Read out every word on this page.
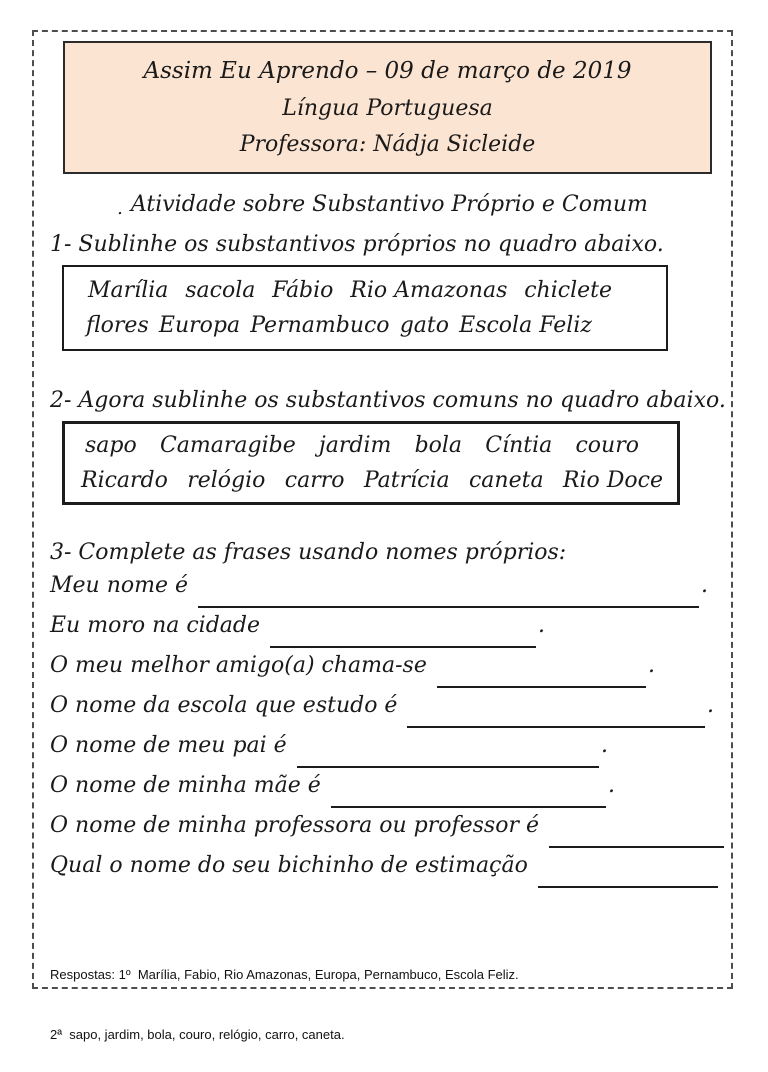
Assim Eu Aprendo – 09 de março de 2019
Língua Portuguesa
Professora: Nádja Sicleide
. Atividade sobre Substantivo Próprio e Comum
1- Sublinhe os substantivos próprios no quadro abaixo.
Marília sacola Fábio Rio Amazonas chiclete
flores Europa Pernambuco gato Escola Feliz
2- Agora sublinhe os substantivos comuns no quadro abaixo.
sapo Camaragibe jardim bola Cíntia couro
Ricardo relógio carro Patrícia caneta Rio Doce
3- Complete as frases usando nomes próprios:
Meu nome é	.
Eu moro na cidade	.
O meu melhor amigo(a) chama-se	.
O nome da escola que estudo é	.
O nome de meu pai é	.
O nome de minha mãe é	.
O nome de minha professora ou professor é
Qual o nome do seu bichinho de estimação

Respostas: 1º  Marília, Fabio, Rio Amazonas, Europa, Pernambuco, Escola Feliz.

2ª  sapo, jardim, bola, couro, relógio, carro, caneta.
